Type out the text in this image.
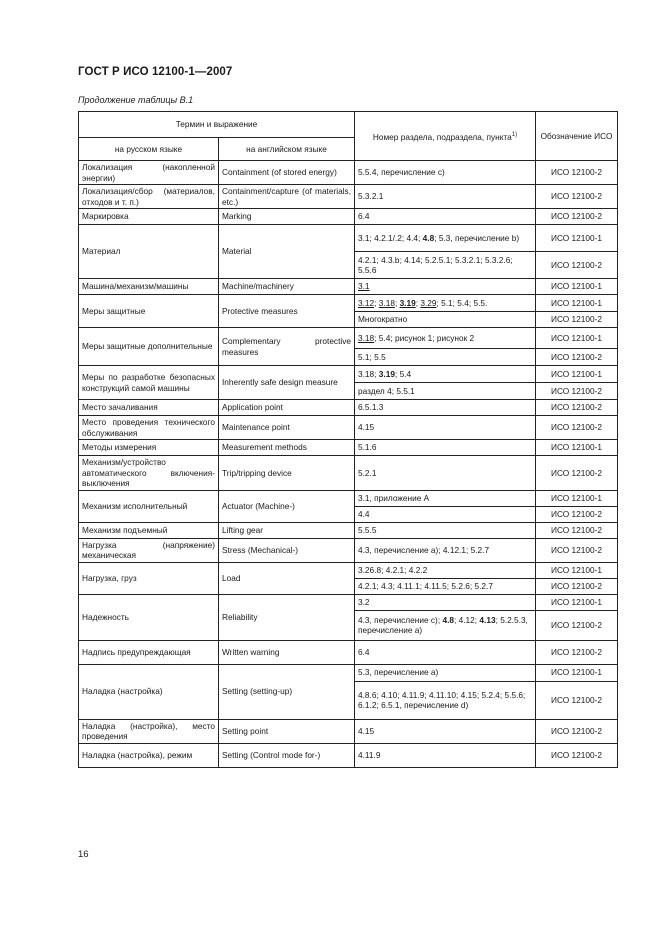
ГОСТ Р ИСО 12100-1—2007
Продолжение таблицы В.1
Термин и выражение		Номер раздела, подраздела, пункта$^{1)}$	Обозначение ИСО
на русском языке	на английском языке		
Локализация (накопленной энергии)	Containment (of stored energy)	5.5.4, перечисление с)	ИСО 12100-2
Локализация/сбор (материалов, отходов и т. п.)	Containment/capture (of materials, etc.)	5.3.2.1	ИСО 12100-2
Маркировка	Marking	6.4	ИСО 12100-2
Материал	Material	3.1; 4.2.1/.2; 4.4; 4.8; 5.3, перечисление b)	ИСО 12100-1
		4.2.1; 4.3.b; 4.14; 5.2.5.1; 5.3.2.1; 5.3.2.6; 5.5.6	ИСО 12100-2
Машина/механизм/машины	Machine/machinery	3.1	ИСО 12100-1
Меры защитные	Protective measures	3.12; 3.18; 3.19; 3.29; 5.1; 5.4; 5.5.	ИСО 12100-1
		Многократно	ИСО 12100-2
Меры защитные дополнительные	Complementary protective measures	3.18; 5.4; рисунок 1; рисунок 2	ИСО 12100-1
		5.1; 5.5	ИСО 12100-2
Меры по разработке безопасных конструкций самой машины	Inherently safe design measure	3.18; 3.19; 5.4	ИСО 12100-1
		раздел 4; 5.5.1	ИСО 12100-2
Место зачаливания	Application point	6.5.1.3	ИСО 12100-2
Место проведения технического обслуживания	Maintenance point	4.15	ИСО 12100-2
Методы измерения	Measurement methods	5.1.6	ИСО 12100-1
Механизм/устройство автоматического включения-выключения	Trip/tripping device	5.2.1	ИСО 12100-2
Механизм исполнительный	Actuator (Machine-)	3.1, приложение А	ИСО 12100-1
		4.4	ИСО 12100-2
Механизм подъемный	Lifting gear	5.5.5	ИСО 12100-2
Нагрузка (напряжение) механическая	Stress (Mechanical-)	4.3, перечисление а); 4.12.1; 5.2.7	ИСО 12100-2
Нагрузка, груз	Load	3.26.8; 4.2.1; 4.2.2	ИСО 12100-1
		4.2.1; 4.3; 4.11.1; 4.11.5; 5.2.6; 5.2.7	ИСО 12100-2
Надежность	Reliability	3.2	ИСО 12100-1
		4.3, перечисление с); 4.8; 4.12; 4.13; 5.2.5.3, перечисление а)	ИСО 12100-2
Надпись предупреждающая	Written warning	6.4	ИСО 12100-2
Наладка (настройка)	Setting (setting-up)	5.3, перечисление а)	ИСО 12100-1
		4.8.6; 4.10; 4.11.9; 4.11.10; 4.15; 5.2.4; 5.5.6; 6.1.2; 6.5.1, перечисление d)	ИСО 12100-2
Наладка (настройка), место проведения	Setting point	4.15	ИСО 12100-2
Наладка (настройка), режим	Setting (Control mode for-)	4.11.9	ИСО 12100-2
16
